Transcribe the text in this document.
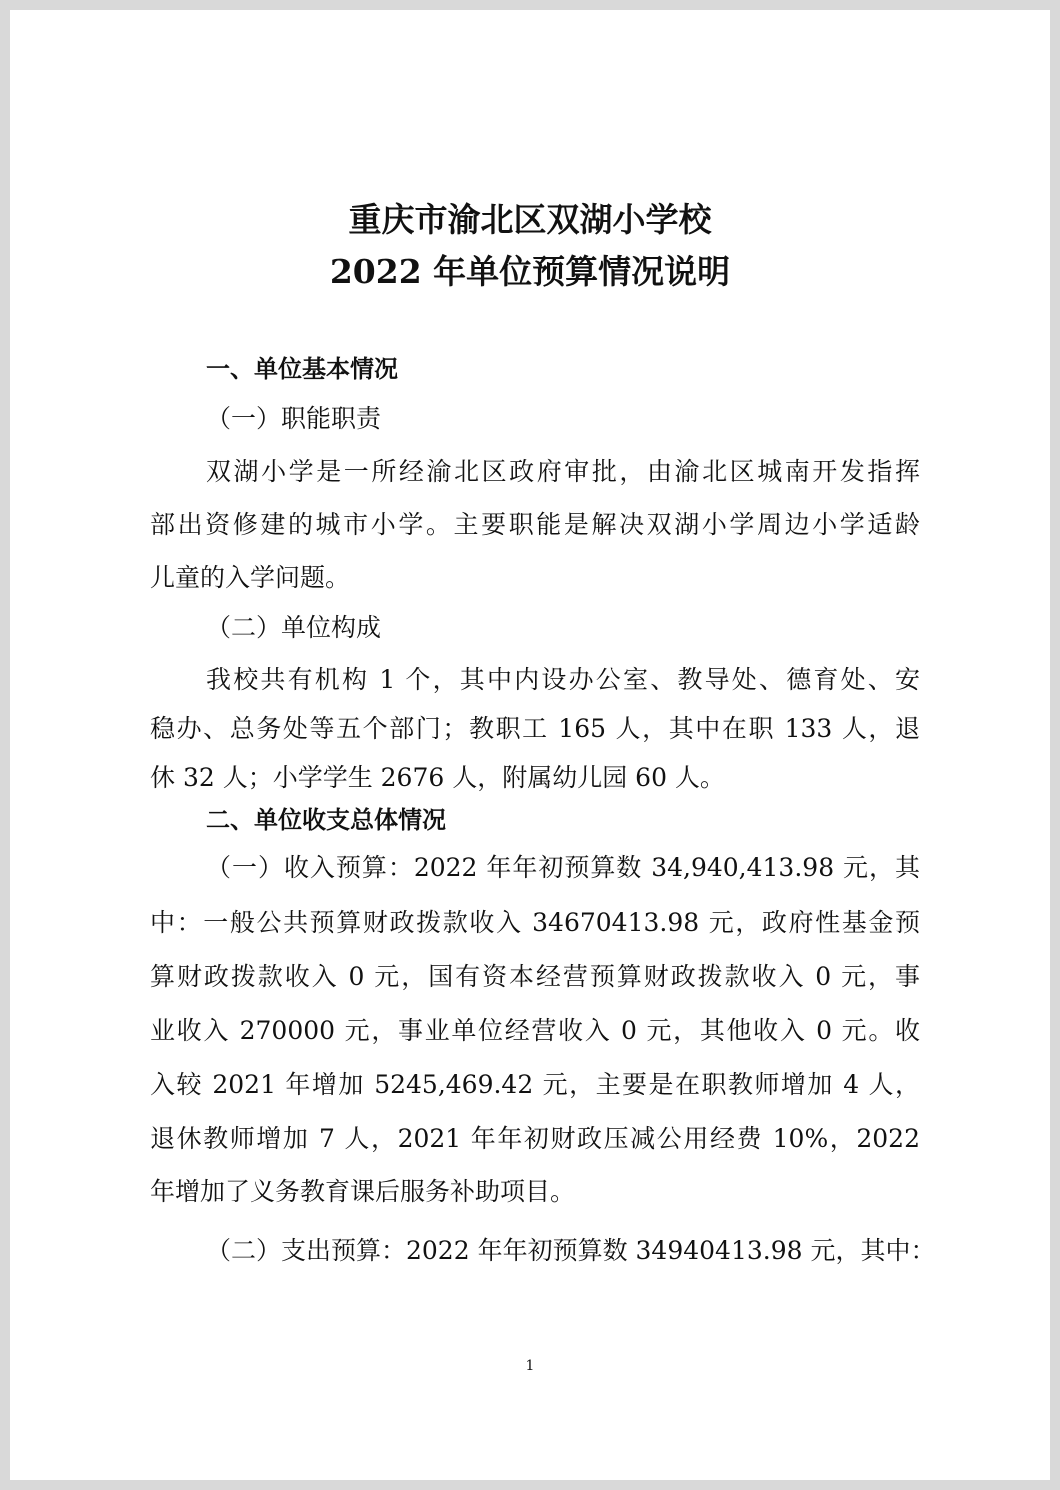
重庆市渝北区双湖小学校
2022 年单位预算情况说明
一、单位基本情况
（一）职能职责
双湖小学是一所经渝北区政府审批，由渝北区城南开发指挥
部出资修建的城市小学。主要职能是解决双湖小学周边小学适龄
儿童的入学问题。
（二）单位构成
我校共有机构 1 个，其中内设办公室、教导处、德育处、安
稳办、总务处等五个部门；教职工 165 人，其中在职 133 人，退
休 32 人；小学学生 2676 人，附属幼儿园 60 人。
二、单位收支总体情况
（一）收入预算：2022 年年初预算数 34,940,413.98 元，其
中：一般公共预算财政拨款收入 34670413.98 元，政府性基金预
算财政拨款收入 0 元，国有资本经营预算财政拨款收入 0 元，事
业收入 270000 元，事业单位经营收入 0 元，其他收入 0 元。收
入较 2021 年增加 5245,469.42 元，主要是在职教师增加 4 人，
退休教师增加 7 人，2021 年年初财政压减公用经费 10%，2022
年增加了义务教育课后服务补助项目。
（二）支出预算：2022 年年初预算数 34940413.98 元，其中：
1
